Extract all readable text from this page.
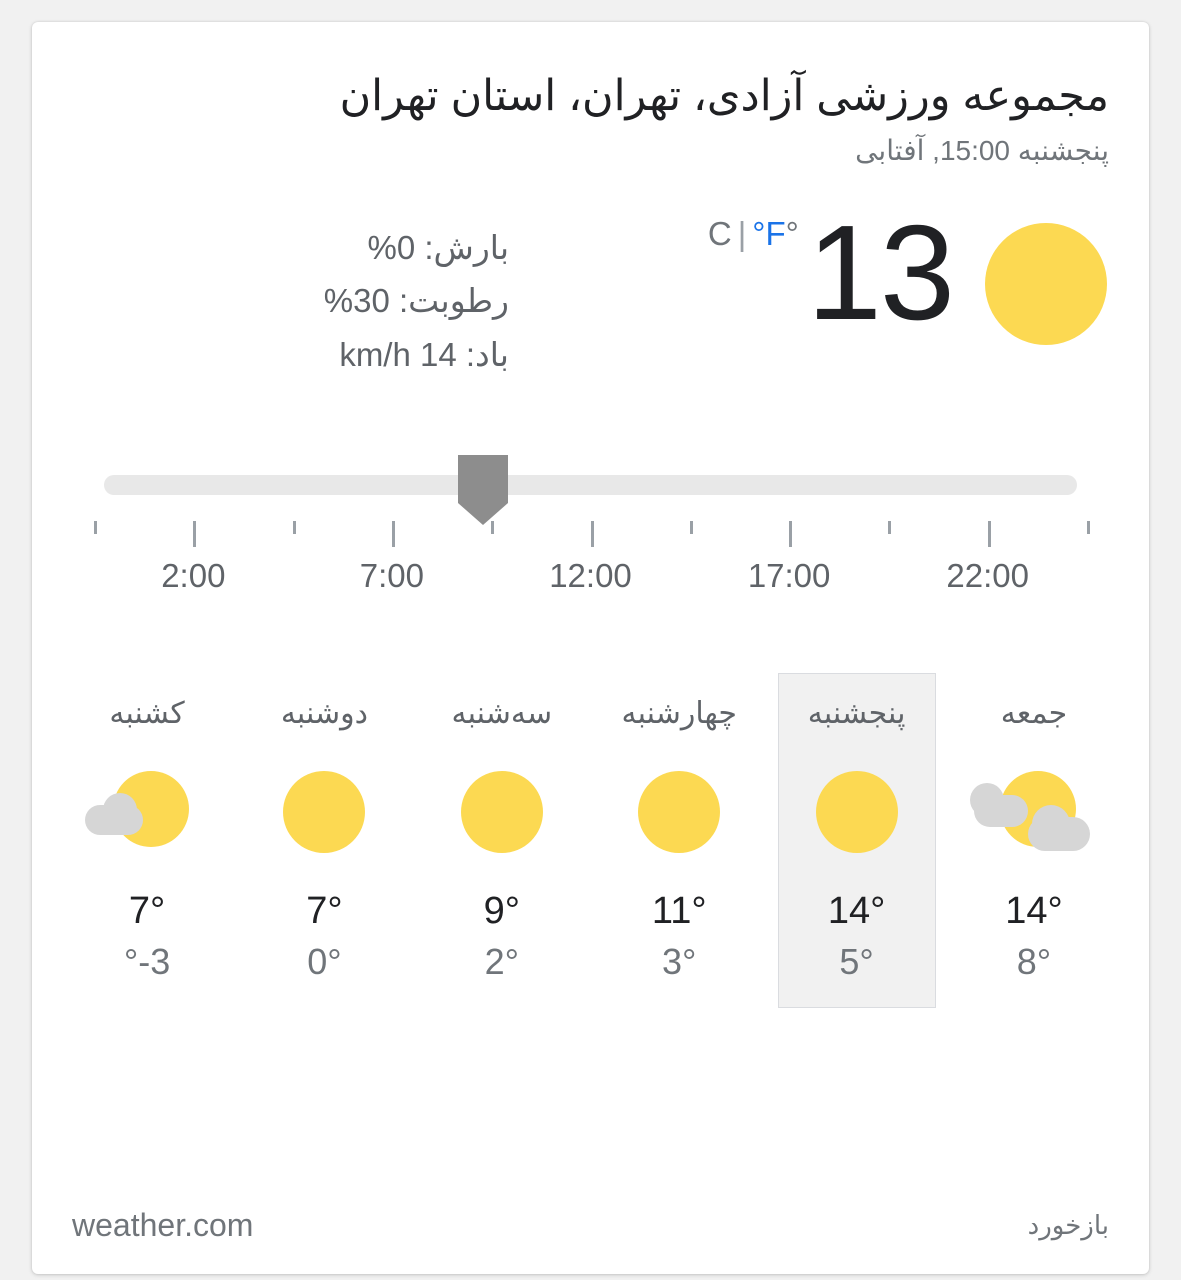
مجموعه ورزشی آزادی، تهران، استان تهران
پنجشنبه 15:00, آفتابی
13
°C| °F
بارش: 0%
رطوبت: 30%
باد: 14 km/h
22:00
17:00
12:00
7:00
2:00
جمعه
14°
8°
پنجشنبه
14°
5°
چهارشنبه
11°
3°
سه‌شنبه
9°
2°
دوشنبه
7°
0°
کشنبه
7°
3-°
weather.com	بازخورد
